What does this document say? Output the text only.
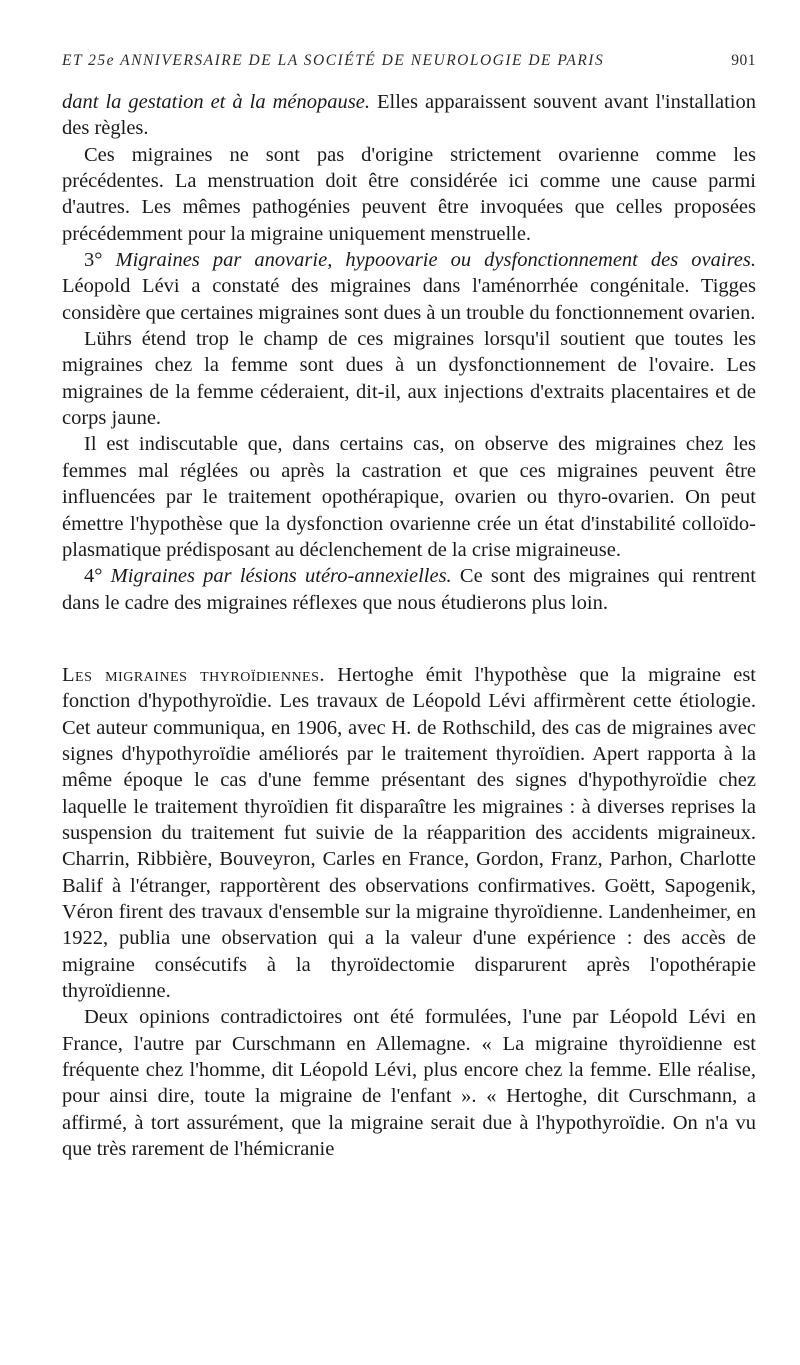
ET 25e ANNIVERSAIRE DE LA SOCIÉTÉ DE NEUROLOGIE DE PARIS	901

dant la gestation et à la ménopause. Elles apparaissent souvent avant l'installation des règles.

Ces migraines ne sont pas d'origine strictement ovarienne comme les précédentes. La menstruation doit être considérée ici comme une cause parmi d'autres. Les mêmes pathogénies peuvent être invoquées que celles proposées précédemment pour la migraine uniquement menstruelle.

3° Migraines par anovarie, hypoovarie ou dysfonctionnement des ovaires. Léopold Lévi a constaté des migraines dans l'aménorrhée congénitale. Tigges considère que certaines migraines sont dues à un trouble du fonctionnement ovarien.

Lührs étend trop le champ de ces migraines lorsqu'il soutient que toutes les migraines chez la femme sont dues à un dysfonctionnement de l'ovaire. Les migraines de la femme céderaient, dit-il, aux injections d'extraits placentaires et de corps jaune.

Il est indiscutable que, dans certains cas, on observe des migraines chez les femmes mal réglées ou après la castration et que ces migraines peuvent être influencées par le traitement opothérapique, ovarien ou thyro-ovarien. On peut émettre l'hypothèse que la dysfonction ovarienne crée un état d'instabilité colloïdo-plasmatique prédisposant au déclenchement de la crise migraineuse.

4° Migraines par lésions utéro-annexielles. Ce sont des migraines qui rentrent dans le cadre des migraines réflexes que nous étudierons plus loin.

Les migraines thyroïdiennes. Hertoghe émit l'hypothèse que la migraine est fonction d'hypothyroïdie. Les travaux de Léopold Lévi affirmèrent cette étiologie. Cet auteur communiqua, en 1906, avec H. de Rothschild, des cas de migraines avec signes d'hypothyroïdie améliorés par le traitement thyroïdien. Apert rapporta à la même époque le cas d'une femme présentant des signes d'hypothyroïdie chez laquelle le traitement thyroïdien fit disparaître les migraines : à diverses reprises la suspension du traitement fut suivie de la réapparition des accidents migraineux. Charrin, Ribbière, Bouveyron, Carles en France, Gordon, Franz, Parhon, Charlotte Balif à l'étranger, rapportèrent des observations confirmatives. Goëtt, Sapogenik, Véron firent des travaux d'ensemble sur la migraine thyroïdienne. Landenheimer, en 1922, publia une observation qui a la valeur d'une expérience : des accès de migraine consécutifs à la thyroïdectomie disparurent après l'opothérapie thyroïdienne.

Deux opinions contradictoires ont été formulées, l'une par Léopold Lévi en France, l'autre par Curschmann en Allemagne. « La migraine thyroïdienne est fréquente chez l'homme, dit Léopold Lévi, plus encore chez la femme. Elle réalise, pour ainsi dire, toute la migraine de l'enfant ». « Hertoghe, dit Curschmann, a affirmé, à tort assurément, que la migraine serait due à l'hypothyroïdie. On n'a vu que très rarement de l'hémicranie
